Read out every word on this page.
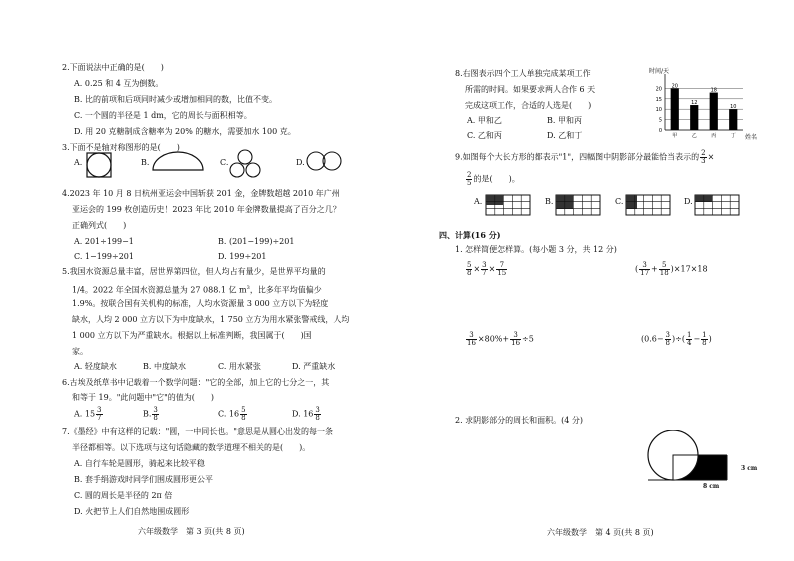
2.下面说法中正确的是(　　)
A. 0.25 和 4 互为倒数。
B. 比的前项和后项同时减少或增加相同的数，比值不变。
C. 一个圆的半径是 1 dm，它的周长与面积相等。
D. 用 20 克糖制成含糖率为 20% 的糖水，需要加水 100 克。
3.下面不是轴对称图形的是(　　)
A.	B.	C.	D.
4.2023 年 10 月 8 日杭州亚运会中国斩获 201 金，金牌数超越 2010 年广州
亚运会的 199 枚创造历史！2023 年比 2010 年金牌数量提高了百分之几？
正确列式(　　)
A. 201÷199−1	B. (201−199)÷201
C. 1−199÷201	D. 199÷201
5.我国水资源总量丰富，居世界第四位，但人均占有量少，是世界平均量的
1/4。2022 年全国水资源总量为 27 088.1 亿 $m^3$，比多年平均值偏少
1.9%。按联合国有关机构的标准，人均水资源量 3 000 立方以下为轻度
缺水，人均 2 000 立方以下为中度缺水，1 750 立方为用水紧张警戒线，人均
1 000 立方以下为严重缺水。根据以上标准判断，我国属于(　　)国
家。
A. 轻度缺水	B. 中度缺水	C. 用水紧张	D. 严重缺水
6.古埃及纸草书中记载着一个数学问题："它的全部，加上它的七分之一，其
和等于 19。"此问题中"它"的值为(　　)
A. $15 \frac{3}{7}$	B. $\frac{3}{8}$	C. $16 \frac{5}{8}$	D. $16 \frac{3}{8}$
7.《墨经》中有这样的记载："圆，一中同长也。"意思是从圆心出发的每一条
半径都相等。以下选项与这句话隐藏的数学道理不相关的是(　　)。
A. 自行车轮是圆形，骑起来比较平稳
B. 套手绢游戏时同学们围成圆形更公平
C. 圆的周长是半径的 2π 倍
D. 火把节上人们自然地围成圆形
六年级数学　第 3 页(共 8 页)
8.右图表示四个工人单独完成某项工作
所需的时间。如果要求两人合作 6 天
完成这项工作，合适的人选是(　　)
A. 甲和乙	B. 甲和丙
C. 乙和丙	D. 乙和丁
时间/天
20
15
10
5
0
20
甲
12
乙
18
丙
10
丁 姓名
9.如图每个大长方形的都表示"1"，四幅图中阴影部分最能恰当表示的 $\frac{2}{3}$ ×
$\frac{2}{5}$ 的是(　　)。
A.	B.	C.	D.
四、计算(16 分)
1. 怎样简便怎样算。(每小题 3 分，共 12 分)
$\frac{5}{8} \times \frac{3}{7} \times \frac{7}{15}$	( $\frac{3}{17} + \frac{5}{18} )\times 17\times 18$
$\frac{3}{16} \times 80\%+ \frac{3}{16} \div 5$	($0.6- \frac{3}{8}$ )÷( $\frac{1}{4} - \frac{1}{8}$ )
2. 求阴影部分的周长和面积。(4 分)
3 cm
8 cm
六年级数学　第 4 页(共 8 页)
